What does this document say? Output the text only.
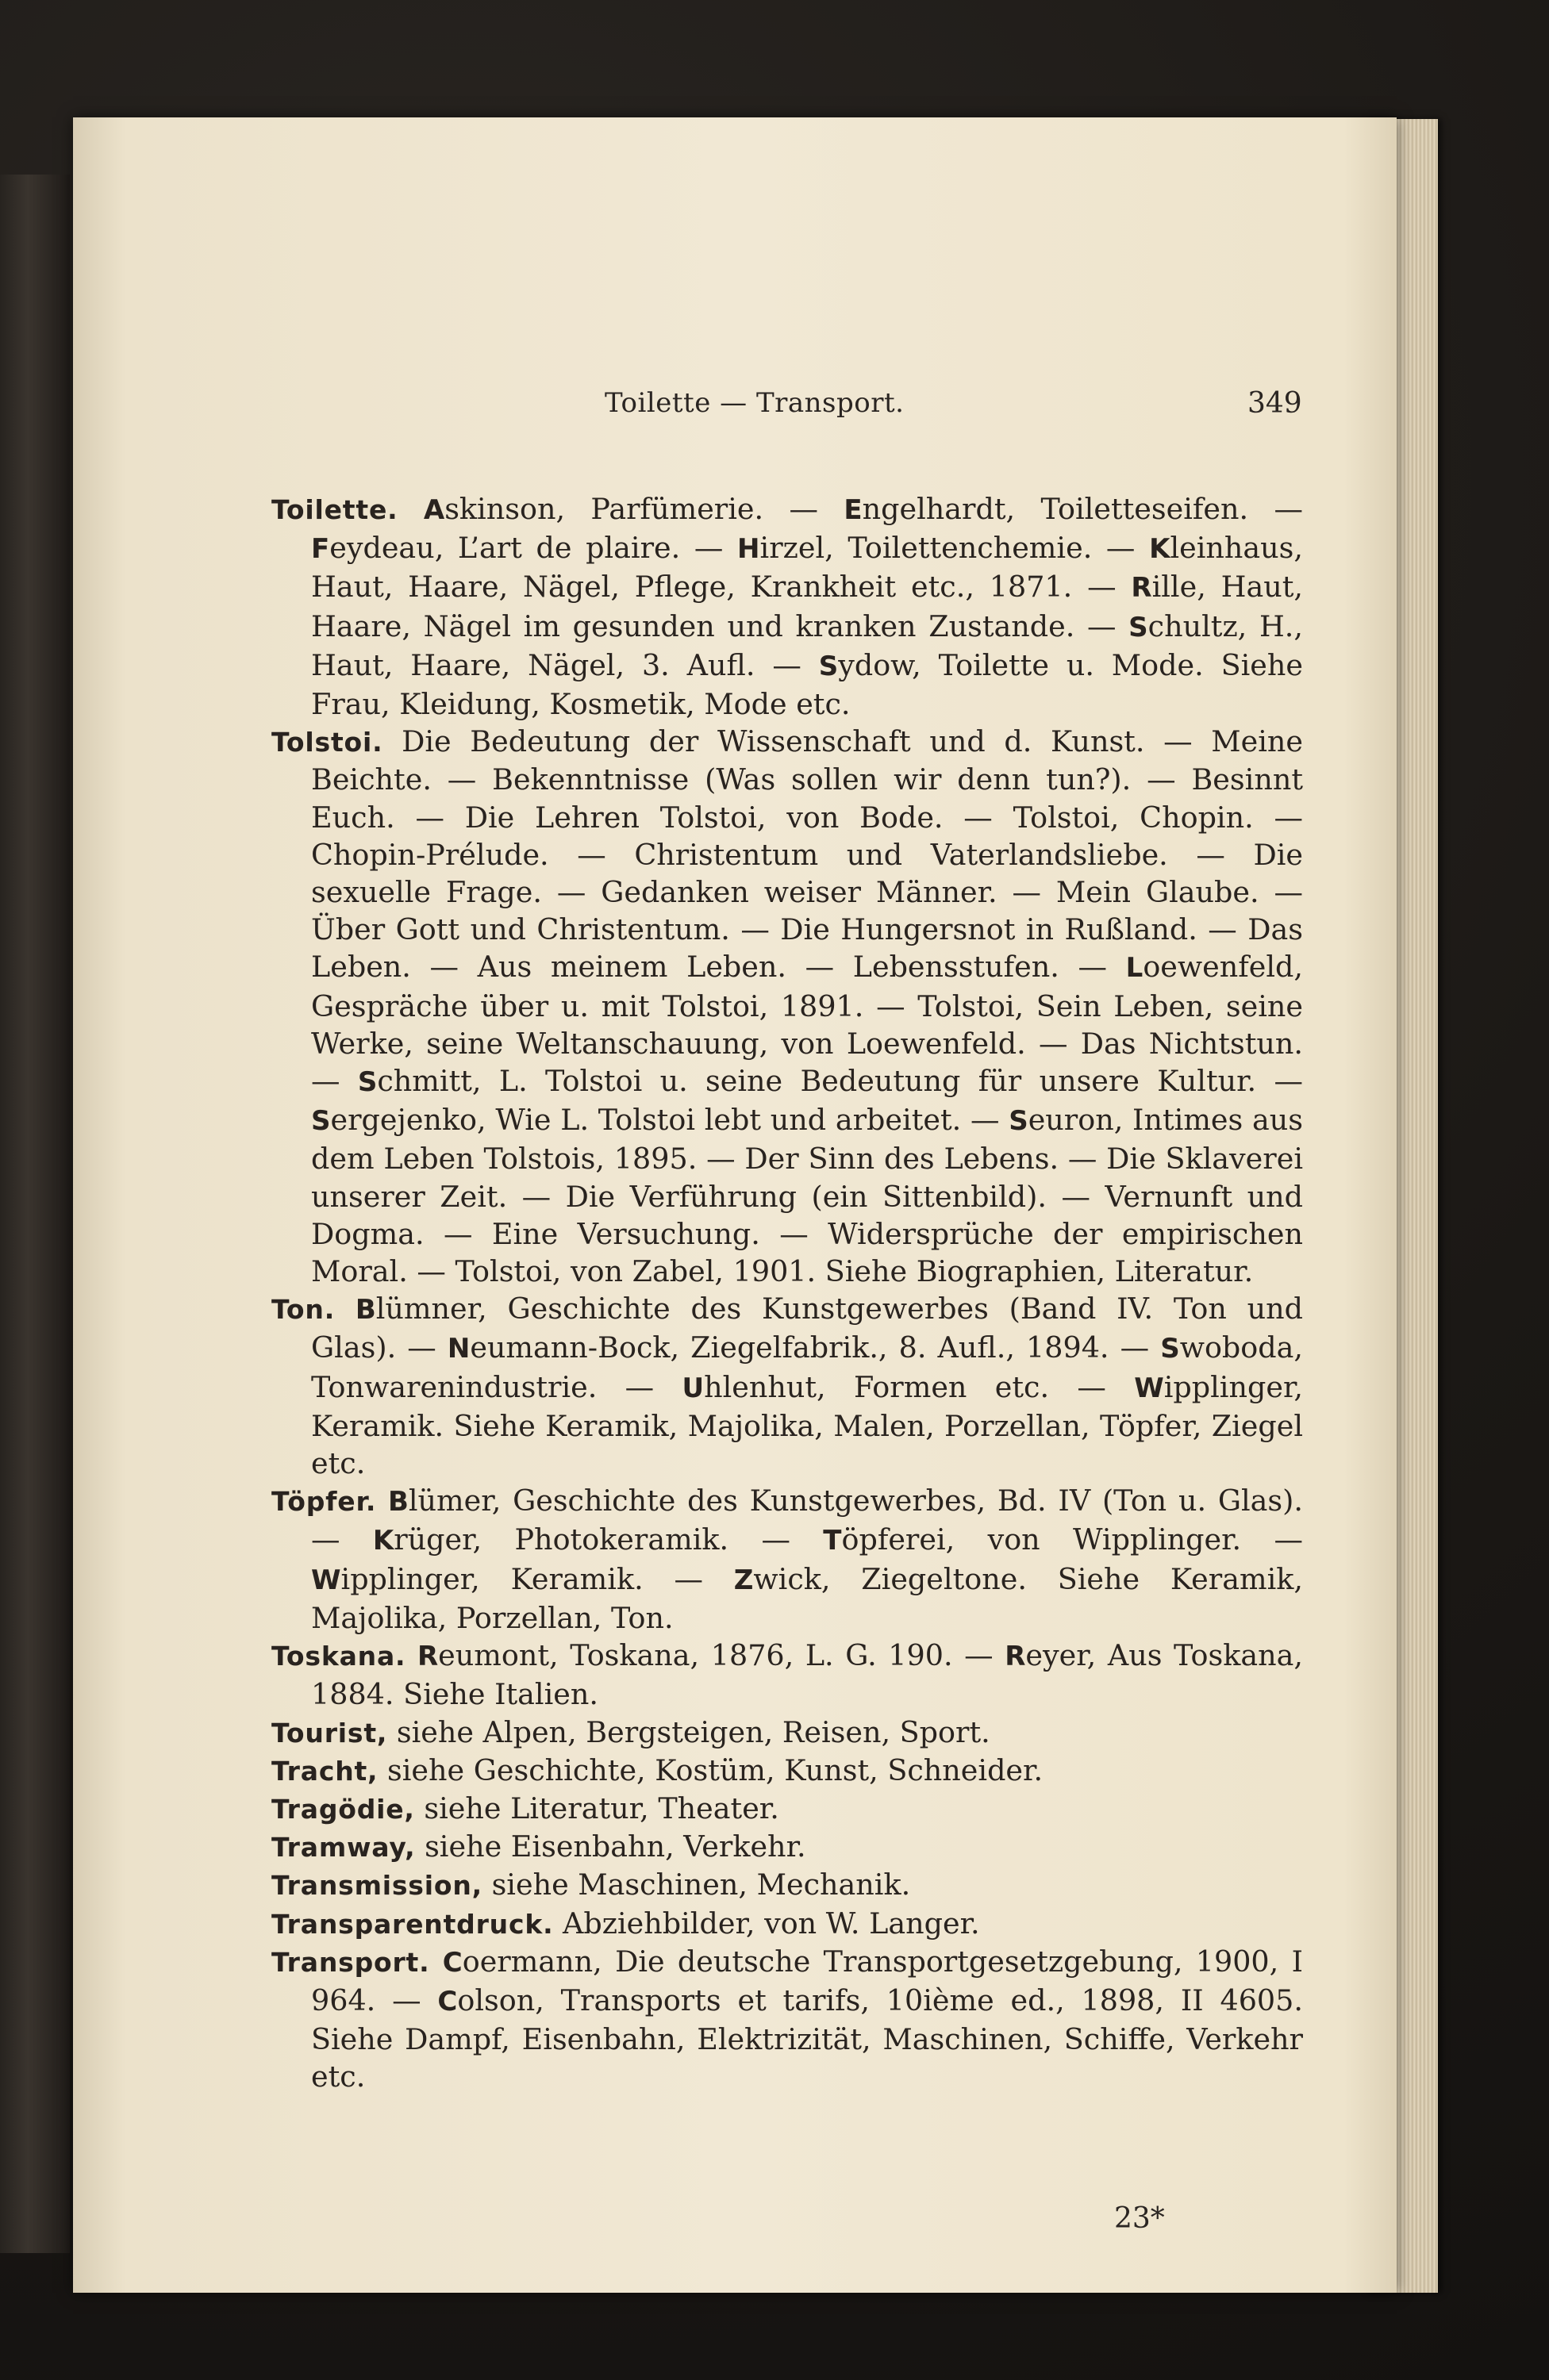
Toilette — Transport.	349

Toilette. Askinson, Parfümerie. — Engelhardt, Toiletteseifen. — Feydeau, L’art de plaire. — Hirzel, Toilettenchemie. — Kleinhaus, Haut, Haare, Nägel, Pflege, Krankheit etc., 1871. — Rille, Haut, Haare, Nägel im gesunden und kranken Zustande. — Schultz, H., Haut, Haare, Nägel, 3. Aufl. — Sydow, Toilette u. Mode. Siehe Frau, Kleidung, Kosmetik, Mode etc.

Tolstoi. Die Bedeutung der Wissenschaft und d. Kunst. — Meine Beichte. — Bekenntnisse (Was sollen wir denn tun?). — Besinnt Euch. — Die Lehren Tolstoi, von Bode. — Tolstoi, Chopin. — Chopin-Prélude. — Christentum und Vaterlandsliebe. — Die sexuelle Frage. — Gedanken weiser Männer. — Mein Glaube. — Über Gott und Christentum. — Die Hungersnot in Rußland. — Das Leben. — Aus meinem Leben. — Lebensstufen. — Loewenfeld, Gespräche über u. mit Tolstoi, 1891. — Tolstoi, Sein Leben, seine Werke, seine Weltanschauung, von Loewenfeld. — Das Nichtstun. — Schmitt, L. Tolstoi u. seine Bedeutung für unsere Kultur. — Sergejenko, Wie L. Tolstoi lebt und arbeitet. — Seuron, Intimes aus dem Leben Tolstois, 1895. — Der Sinn des Lebens. — Die Sklaverei unserer Zeit. — Die Verführung (ein Sittenbild). — Vernunft und Dogma. — Eine Versuchung. — Widersprüche der empirischen Moral. — Tolstoi, von Zabel, 1901. Siehe Biographien, Literatur.

Ton. Blümner, Geschichte des Kunstgewerbes (Band IV. Ton und Glas). — Neumann-Bock, Ziegelfabrik., 8. Aufl., 1894. — Swoboda, Tonwarenindustrie. — Uhlenhut, Formen etc. — Wipplinger, Keramik. Siehe Keramik, Majolika, Malen, Porzellan, Töpfer, Ziegel etc.

Töpfer. Blümer, Geschichte des Kunstgewerbes, Bd. IV (Ton u. Glas). — Krüger, Photokeramik. — Töpferei, von Wipplinger. — Wipplinger, Keramik. — Zwick, Ziegeltone. Siehe Keramik, Majolika, Porzellan, Ton.

Toskana. Reumont, Toskana, 1876, L. G. 190. — Reyer, Aus Toskana, 1884. Siehe Italien.

Tourist, siehe Alpen, Bergsteigen, Reisen, Sport.

Tracht, siehe Geschichte, Kostüm, Kunst, Schneider.

Tragödie, siehe Literatur, Theater.

Tramway, siehe Eisenbahn, Verkehr.

Transmission, siehe Maschinen, Mechanik.

Transparentdruck. Abziehbilder, von W. Langer.

Transport. Coermann, Die deutsche Transportgesetzgebung, 1900, I 964. — Colson, Transports et tarifs, 10ième ed., 1898, II 4605. Siehe Dampf, Eisenbahn, Elektrizität, Maschinen, Schiffe, Verkehr etc.

23*
